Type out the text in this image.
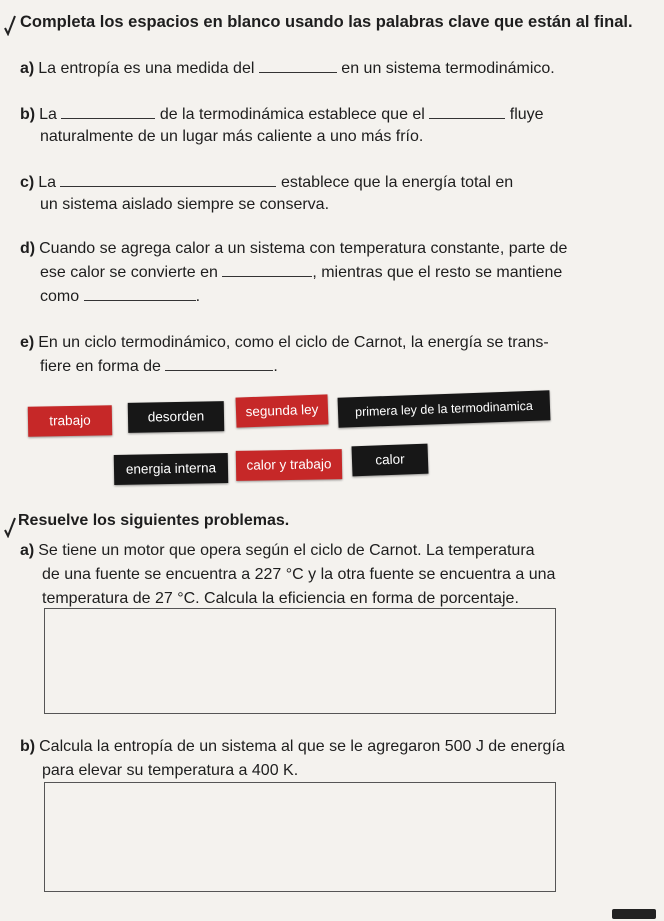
Completa los espacios en blanco usando las palabras clave que están al final.
a) La entropía es una medida del	en un sistema termodinámico.
b) La	de la termodinámica establece que el	fluye
naturalmente de un lugar más caliente a uno más frío.
c) La	establece que la energía total en
un sistema aislado siempre se conserva.
d) Cuando se agrega calor a un sistema con temperatura constante, parte de
ese calor se convierte en	, mientras que el resto se mantiene
como	.
e) En un ciclo termodinámico, como el ciclo de Carnot, la energía se trans-
fiere en forma de	.
trabajo	desorden	segunda ley	primera ley de la termodinamica
energia interna	calor y trabajo	calor
Resuelve los siguientes problemas.
a) Se tiene un motor que opera según el ciclo de Carnot. La temperatura
de una fuente se encuentra a 227 °C y la otra fuente se encuentra a una
temperatura de 27 °C. Calcula la eficiencia en forma de porcentaje.
b) Calcula la entropía de un sistema al que se le agregaron 500 J de energía
para elevar su temperatura a 400 K.
